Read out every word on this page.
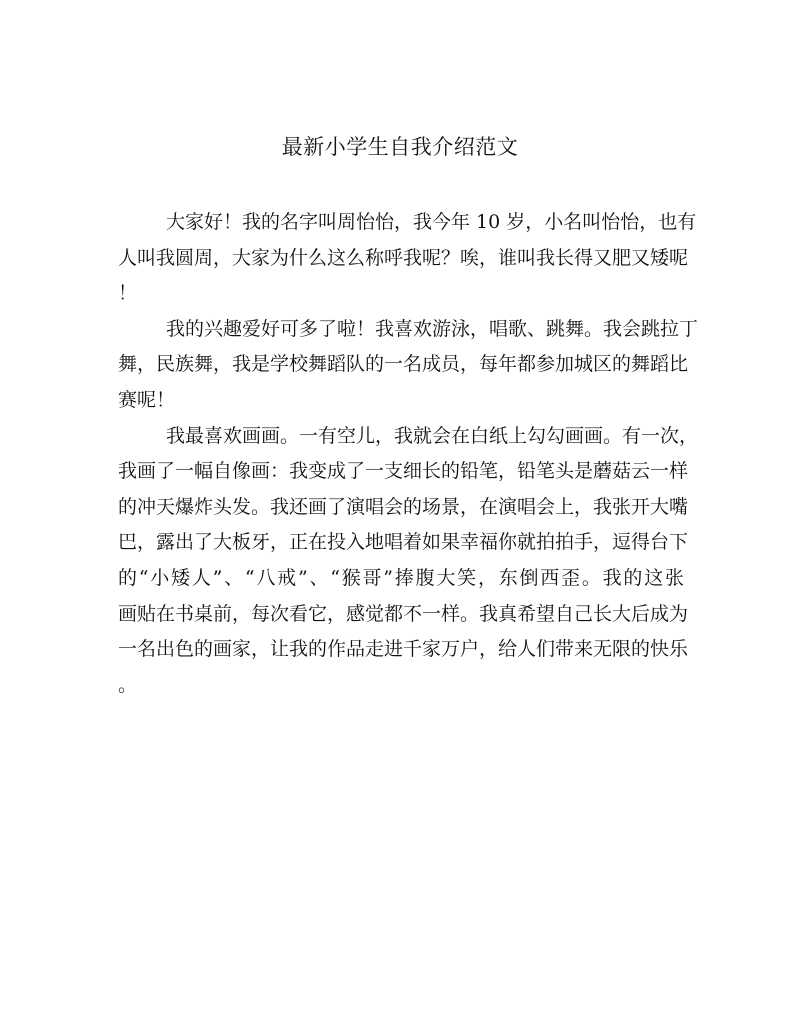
最新小学生自我介绍范文
大家好！我的名字叫周怡怡，我今年 10 岁，小名叫怡怡，也有
人叫我圆周，大家为什么这么称呼我呢？唉，谁叫我长得又肥又矮呢
！
我的兴趣爱好可多了啦！我喜欢游泳，唱歌、跳舞。我会跳拉丁
舞，民族舞，我是学校舞蹈队的一名成员，每年都参加城区的舞蹈比
赛呢！
我最喜欢画画。一有空儿，我就会在白纸上勾勾画画。有一次，
我画了一幅自像画：我变成了一支细长的铅笔，铅笔头是蘑菇云一样
的冲天爆炸头发。我还画了演唱会的场景，在演唱会上，我张开大嘴
巴，露出了大板牙，正在投入地唱着如果幸福你就拍拍手，逗得台下
的“小矮人”、“八戒”、“猴哥”捧腹大笑，东倒西歪。我的这张
画贴在书桌前，每次看它，感觉都不一样。我真希望自己长大后成为
一名出色的画家，让我的作品走进千家万户，给人们带来无限的快乐
。
